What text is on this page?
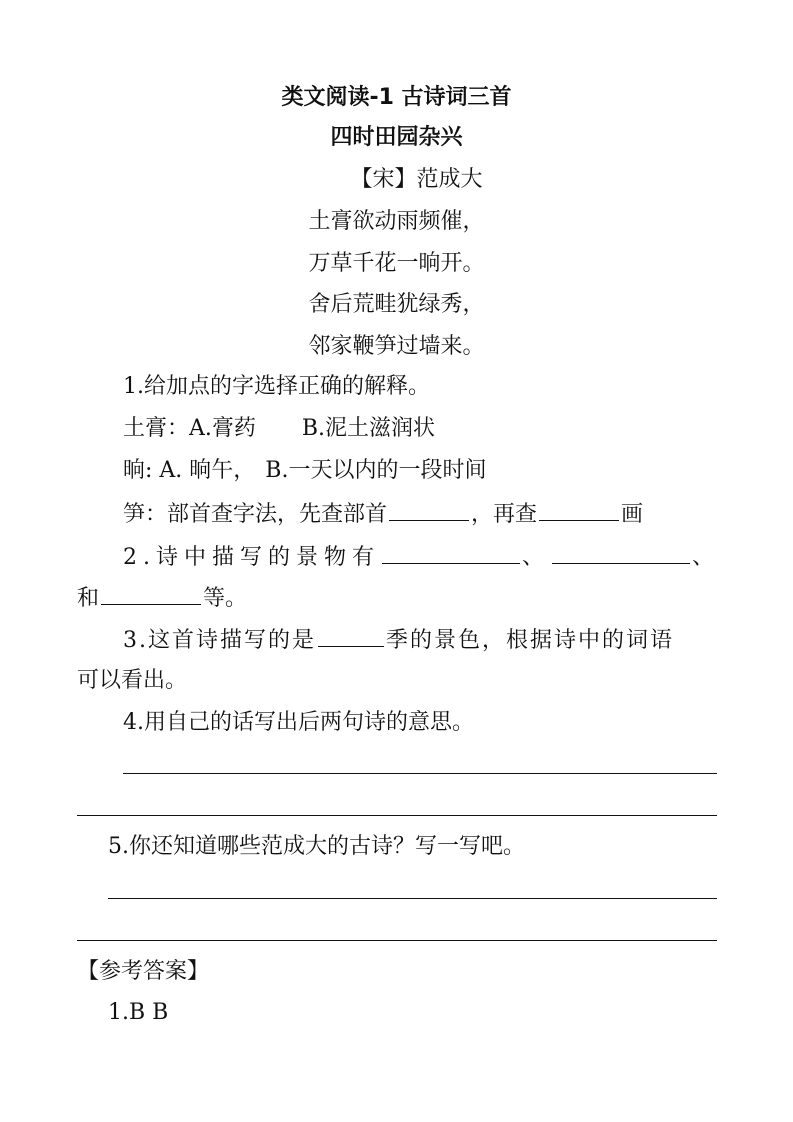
类文阅读-1 古诗词三首
四时田园杂兴
【宋】范成大
土膏欲动雨频催，
万草千花一晌开。
舍后荒畦犹绿秀，
邻家鞭笋过墙来。
1.给加点的字选择正确的解释。
土膏：A.膏药 B.泥土滋润状
晌: A. 晌午， B.一天以内的一段时间
笋：部首查字法，先查部首	，再查	画
2.诗中描写的景物有	、	、
和	等。
3.这首诗描写的是	季的景色，根据诗中的词语
可以看出。
4.用自己的话写出后两句诗的意思。
5.你还知道哪些范成大的古诗？写一写吧。
【参考答案】
1.B B
